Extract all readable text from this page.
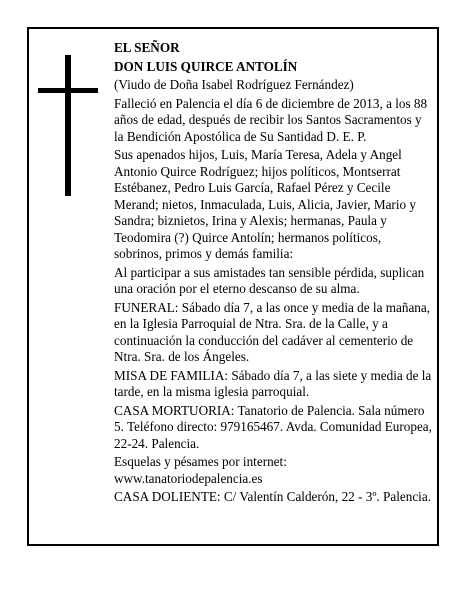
EL SEÑOR

DON LUIS QUIRCE ANTOLÍN

(Viudo de Doña Isabel Rodríguez Fernández)

Falleció en Palencia el día 6 de diciembre de 2013, a los 88 años de edad, después de recibir los Santos Sacramentos y la Bendición Apostólica de Su Santidad D. E. P.

Sus apenados hijos, Luis, María Teresa, Adela y Angel Antonio Quirce Rodríguez; hijos políticos, Montserrat Estébanez, Pedro Luis García, Rafael Pérez y Cecile Merand; nietos, Inmaculada, Luis, Alicia, Javier, Mario y Sandra; biznietos, Irina y Alexis; hermanas, Paula y Teodomira (?) Quirce Antolín; hermanos políticos, sobrinos, primos y demás familia:

Al participar a sus amistades tan sensible pérdida, suplican una oración por el eterno descanso de su alma.

FUNERAL: Sábado día 7, a las once y media de la mañana, en la Iglesia Parroquial de Ntra. Sra. de la Calle, y a continuación la conducción del cadáver al cementerio de Ntra. Sra. de los Ángeles.

MISA DE FAMILIA: Sábado día 7, a las siete y media de la tarde, en la misma iglesia parroquial.

CASA MORTUORIA: Tanatorio de Palencia. Sala número 5. Teléfono directo: 979165467. Avda. Comunidad Europea, 22-24. Palencia.

Esquelas y pésames por internet: www.tanatoriodepalencia.es

CASA DOLIENTE: C/ Valentín Calderón, 22 - 3º. Palencia.
